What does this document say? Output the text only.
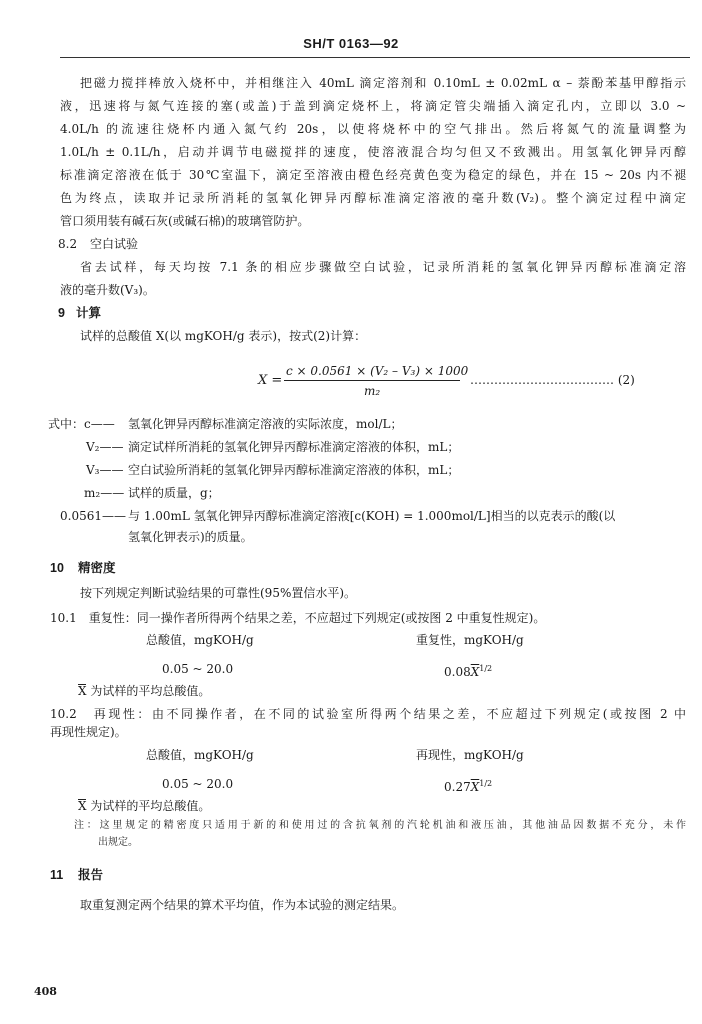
SH/T 0163—92
把磁力搅拌棒放入烧杯中，并相继注入 40mL 滴定溶剂和 0.10mL ± 0.02mL α – 萘酚苯基甲醇指示
液，迅速将与氮气连接的塞(或盖)于盖到滴定烧杯上，将滴定管尖端插入滴定孔内，立即以 3.0 ~
4.0L/h 的流速往烧杯内通入氮气约 20s，以使将烧杯中的空气排出。然后将氮气的流量调整为
1.0L/h ± 0.1L/h，启动并调节电磁搅拌的速度，使溶液混合均匀但又不致溅出。用氢氧化钾异丙醇
标准滴定溶液在低于 30℃室温下，滴定至溶液由橙色经亮黄色变为稳定的绿色，并在 15 ~ 20s 内不褪
色为终点，读取并记录所消耗的氢氧化钾异丙醇标准滴定溶液的毫升数(V₂)。整个滴定过程中滴定
管口须用装有碱石灰(或碱石棉)的玻璃管防护。
8.2 空白试验
省去试样，每天均按 7.1 条的相应步骤做空白试验，记录所消耗的氢氧化钾异丙醇标准滴定溶
液的毫升数(V₃)。
9 计算
试样的总酸值 X(以 mgKOH/g 表示)，按式(2)计算：
X =
c × 0.0561 × (V₂ – V₃) × 1000
m₂
……………………………… (2)
式中：c—— 氢氧化钾异丙醇标准滴定溶液的实际浓度，mol/L；
V₂—— 滴定试样所消耗的氢氧化钾异丙醇标准滴定溶液的体积，mL；
V₃—— 空白试验所消耗的氢氧化钾异丙醇标准滴定溶液的体积，mL；
m₂—— 试样的质量，g；
0.0561—— 与 1.00mL 氢氧化钾异丙醇标准滴定溶液[c(KOH) = 1.000mol/L]相当的以克表示的酸(以
氢氧化钾表示)的质量。
10 精密度
按下列规定判断试验结果的可靠性(95%置信水平)。
10.1　重复性：同一操作者所得两个结果之差，不应超过下列规定(或按图 2 中重复性规定)。
总酸值，mgKOH/g	重复性，mgKOH/g
0.05 ~ 20.0	$0.08\overline{X}^{1/2}$
X 为试样的平均总酸值。
10.2　再现性：由不同操作者，在不同的试验室所得两个结果之差，不应超过下列规定(或按图 2 中
再现性规定)。
总酸值，mgKOH/g	再现性，mgKOH/g
0.05 ~ 20.0	$0.27\overline{X}^{1/2}$
X 为试样的平均总酸值。
注：这里规定的精密度只适用于新的和使用过的含抗氧剂的汽轮机油和液压油，其他油品因数据不充分，未作
出规定。
11 报告
取重复测定两个结果的算术平均值，作为本试验的测定结果。
408
